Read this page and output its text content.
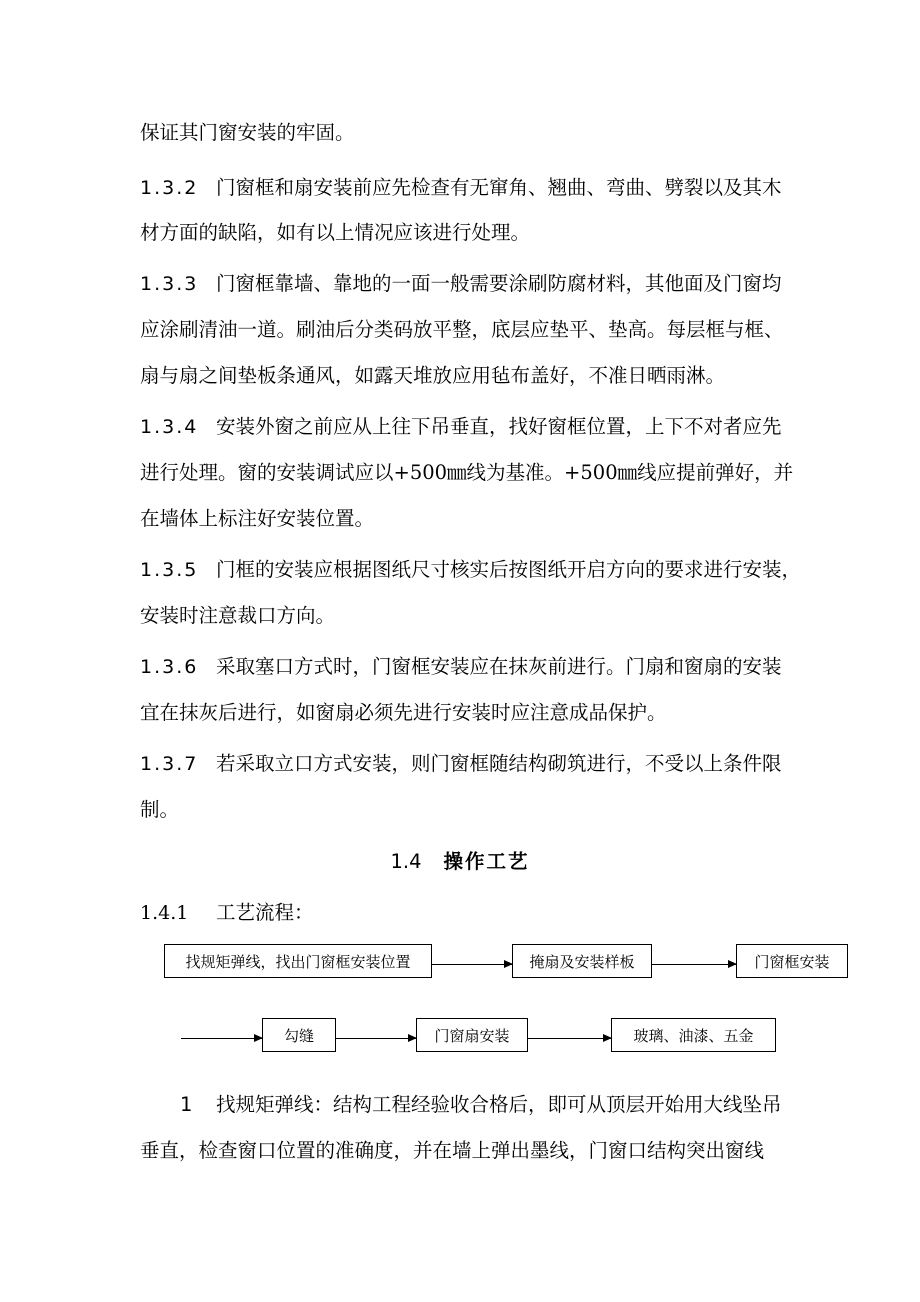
保证其门窗安装的牢固。
1.3.2 门窗框和扇安装前应先检查有无窜角、翘曲、弯曲、劈裂以及其木
材方面的缺陷，如有以上情况应该进行处理。
1.3.3 门窗框靠墙、靠地的一面一般需要涂刷防腐材料，其他面及门窗均
应涂刷清油一道。刷油后分类码放平整，底层应垫平、垫高。每层框与框、
扇与扇之间垫板条通风，如露天堆放应用毡布盖好，不准日晒雨淋。
1.3.4 安装外窗之前应从上往下吊垂直，找好窗框位置，上下不对者应先
进行处理。窗的安装调试应以+500㎜线为基准。+500㎜线应提前弹好，并
在墙体上标注好安装位置。
1.3.5 门框的安装应根据图纸尺寸核实后按图纸开启方向的要求进行安装，
安装时注意裁口方向。
1.3.6 采取塞口方式时，门窗框安装应在抹灰前进行。门扇和窗扇的安装
宜在抹灰后进行，如窗扇必须先进行安装时应注意成品保护。
1.3.7 若采取立口方式安装，则门窗框随结构砌筑进行，不受以上条件限
制。
1.4 操作工艺
1.4.1 工艺流程：
找规矩弹线，找出门窗框安装位置	掩扇及安装样板	门窗框安装
勾缝	门窗扇安装	玻璃、油漆、五金
1 找规矩弹线：结构工程经验收合格后，即可从顶层开始用大线坠吊
垂直，检查窗口位置的准确度，并在墙上弹出墨线，门窗口结构突出窗线
